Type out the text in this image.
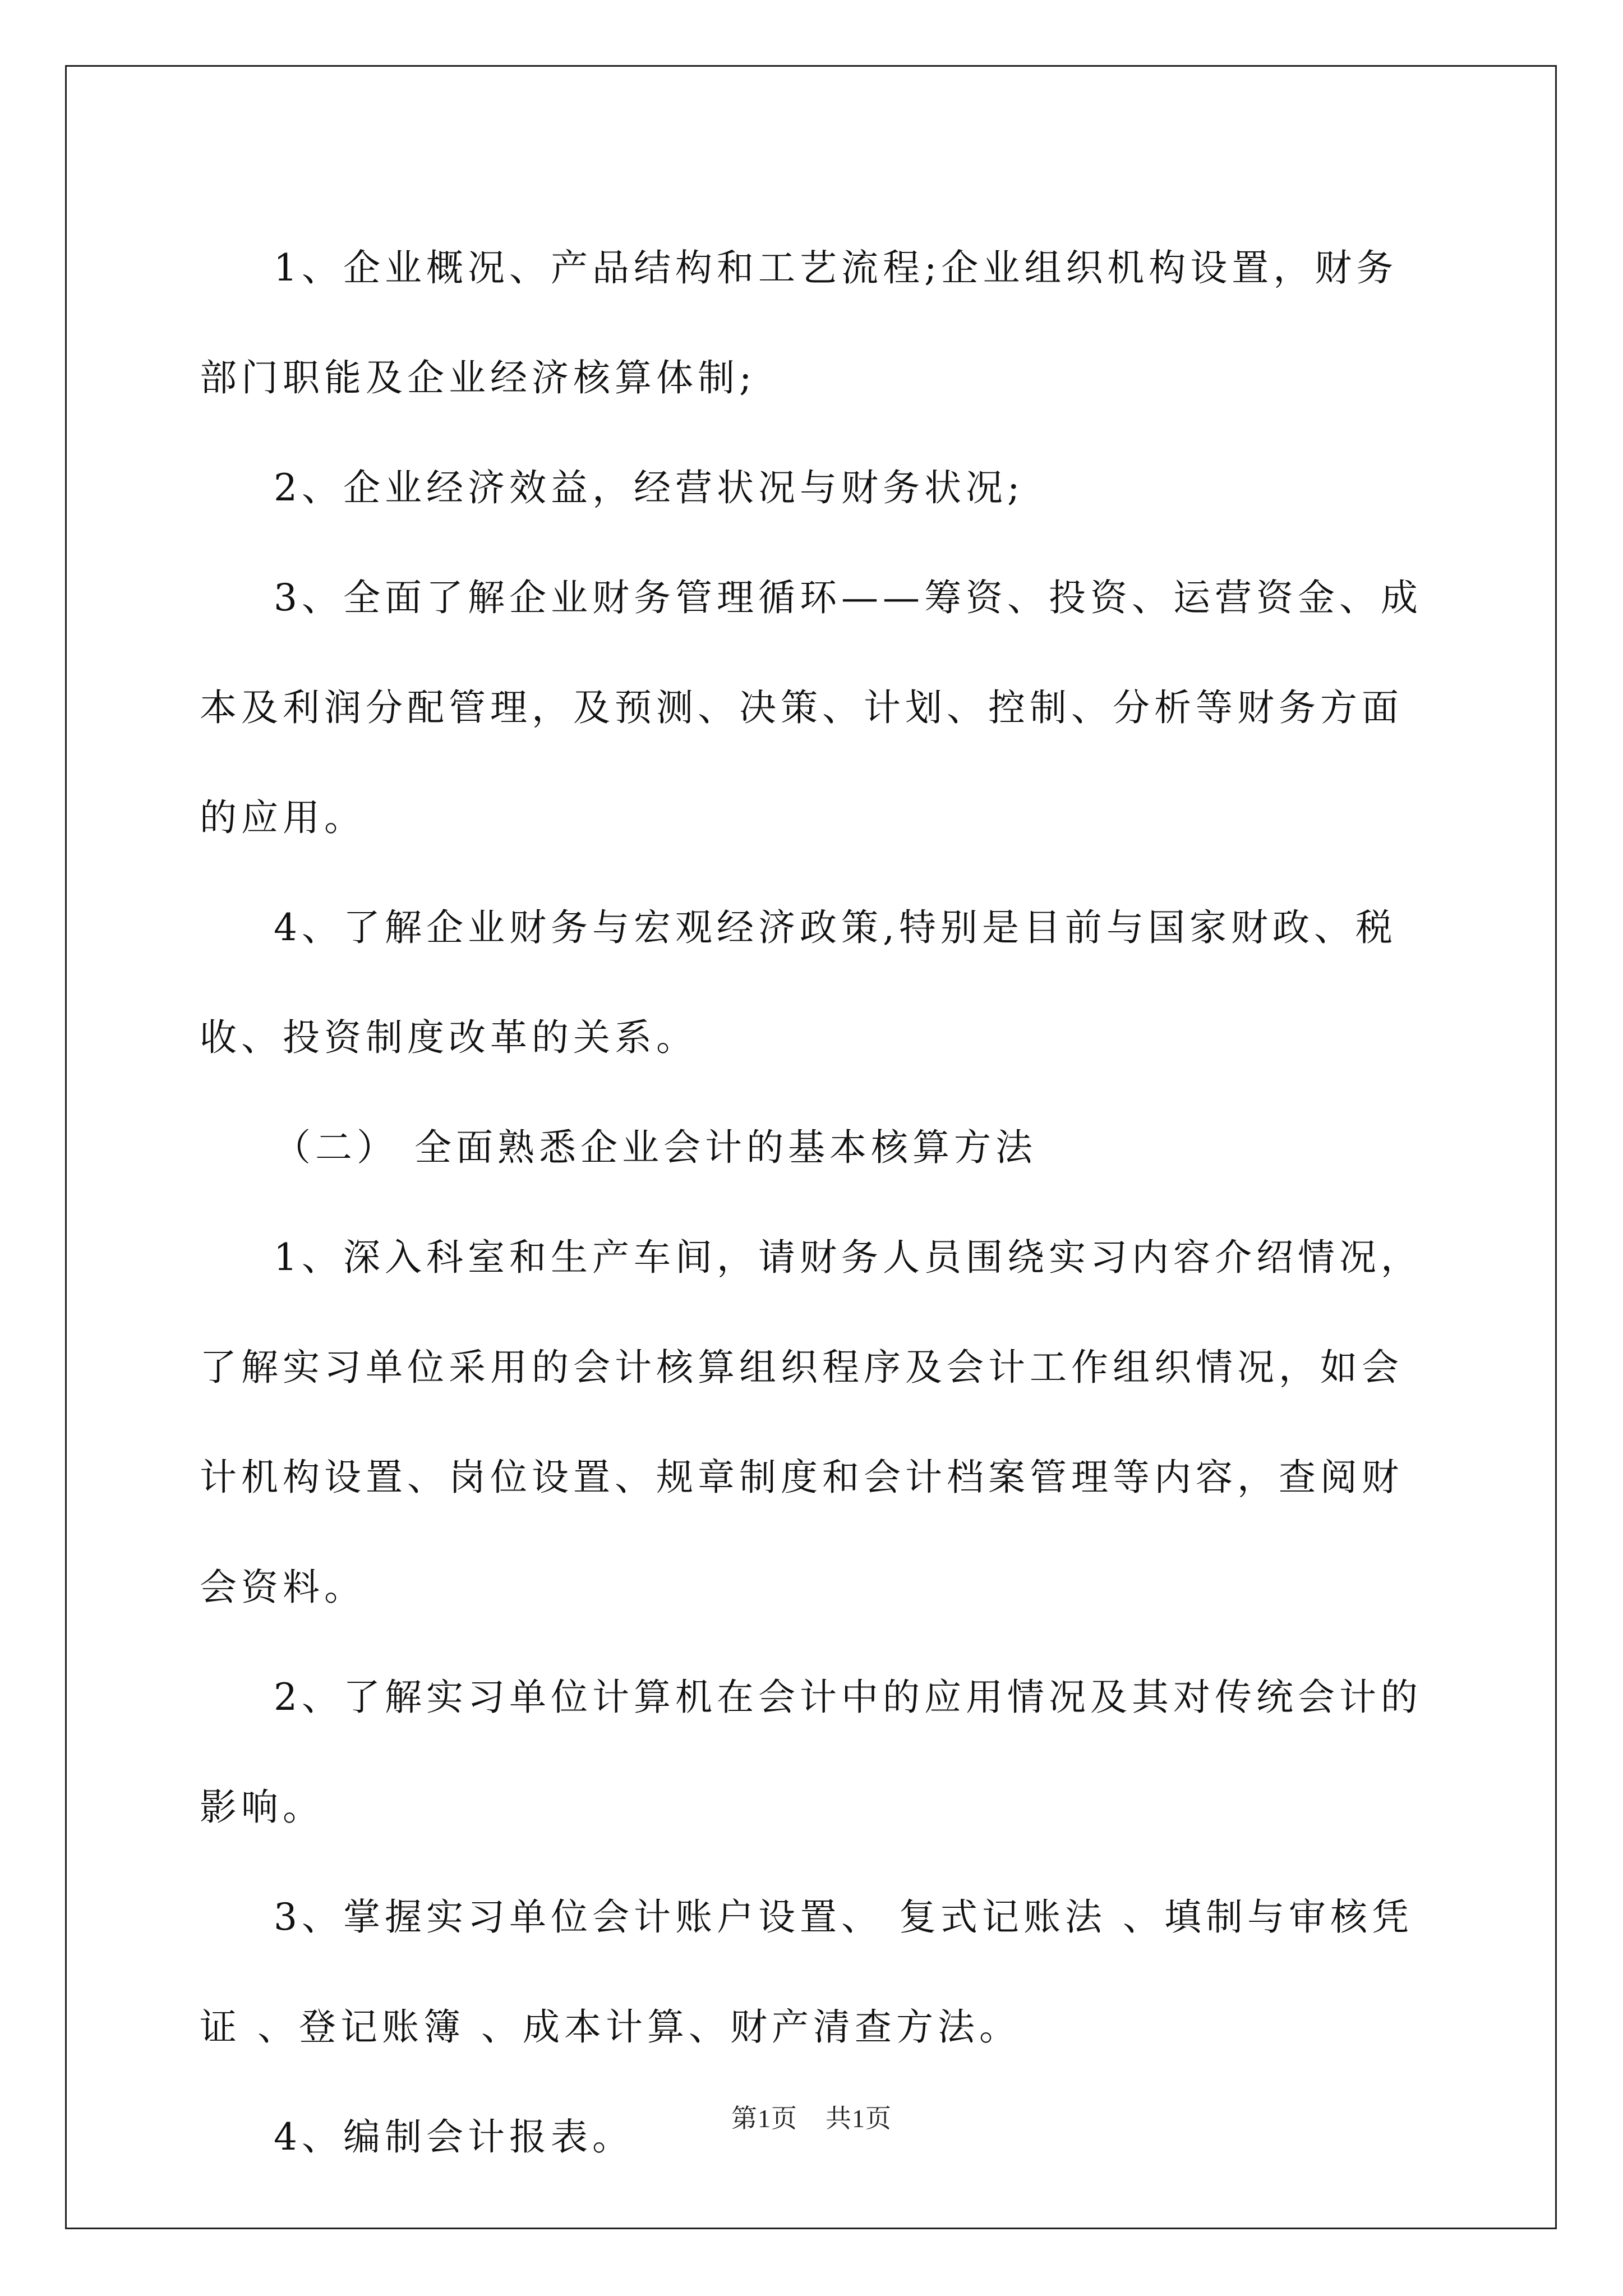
1、企业概况、产品结构和工艺流程;企业组织机构设置，财务部门职能及企业经济核算体制;

2、企业经济效益，经营状况与财务状况;

3、全面了解企业财务管理循环——筹资、投资、运营资金、成本及利润分配管理，及预测、决策、计划、控制、分析等财务方面的应用。

4、了解企业财务与宏观经济政策,特别是目前与国家财政、税收、投资制度改革的关系。

（二） 全面熟悉企业会计的基本核算方法

1、深入科室和生产车间，请财务人员围绕实习内容介绍情况，了解实习单位采用的会计核算组织程序及会计工作组织情况，如会计机构设置、岗位设置、规章制度和会计档案管理等内容，查阅财会资料。

2、了解实习单位计算机在会计中的应用情况及其对传统会计的影响。

3、掌握实习单位会计账户设置、 复式记账法 、填制与审核凭证 、登记账簿 、成本计算、财产清查方法。

4、编制会计报表。	第1页 共1页
